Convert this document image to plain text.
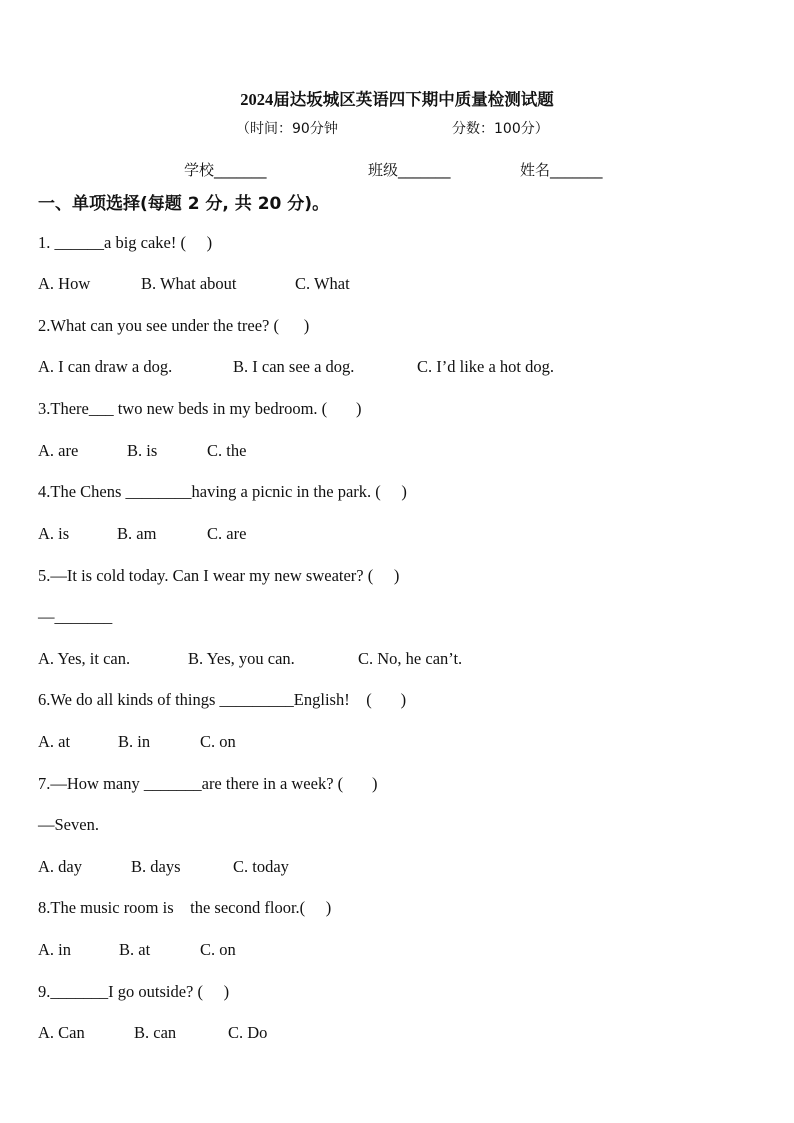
2024届达坂城区英语四下期中质量检测试题
（时间：90分钟	分数：100分）
学校_______	班级_______	姓名_______
一、单项选择(每题 2 分, 共 20 分)。
1. ______a big cake! (     )
A. How	B. What about	C. What
2.What can you see under the tree? (      )
A. I can draw a dog.	B. I can see a dog.	C. I’d like a hot dog.
3.There___ two new beds in my bedroom. (       )
A. are	B. is	C. the
4.The Chens ________having a picnic in the park. (     )
A. is	B. am	C. are
5.—It is cold today. Can I wear my new sweater? (     )
—_______
A. Yes, it can.	B. Yes, you can.	C. No, he can’t.
6.We do all kinds of things _________English!    (       )
A. at	B. in	C. on
7.—How many _______are there in a week? (       )
—Seven.
A. day	B. days	C. today
8.The music room is    the second floor.(     )
A. in	B. at	C. on
9._______I go outside? (     )
A. Can	B. can	C. Do
